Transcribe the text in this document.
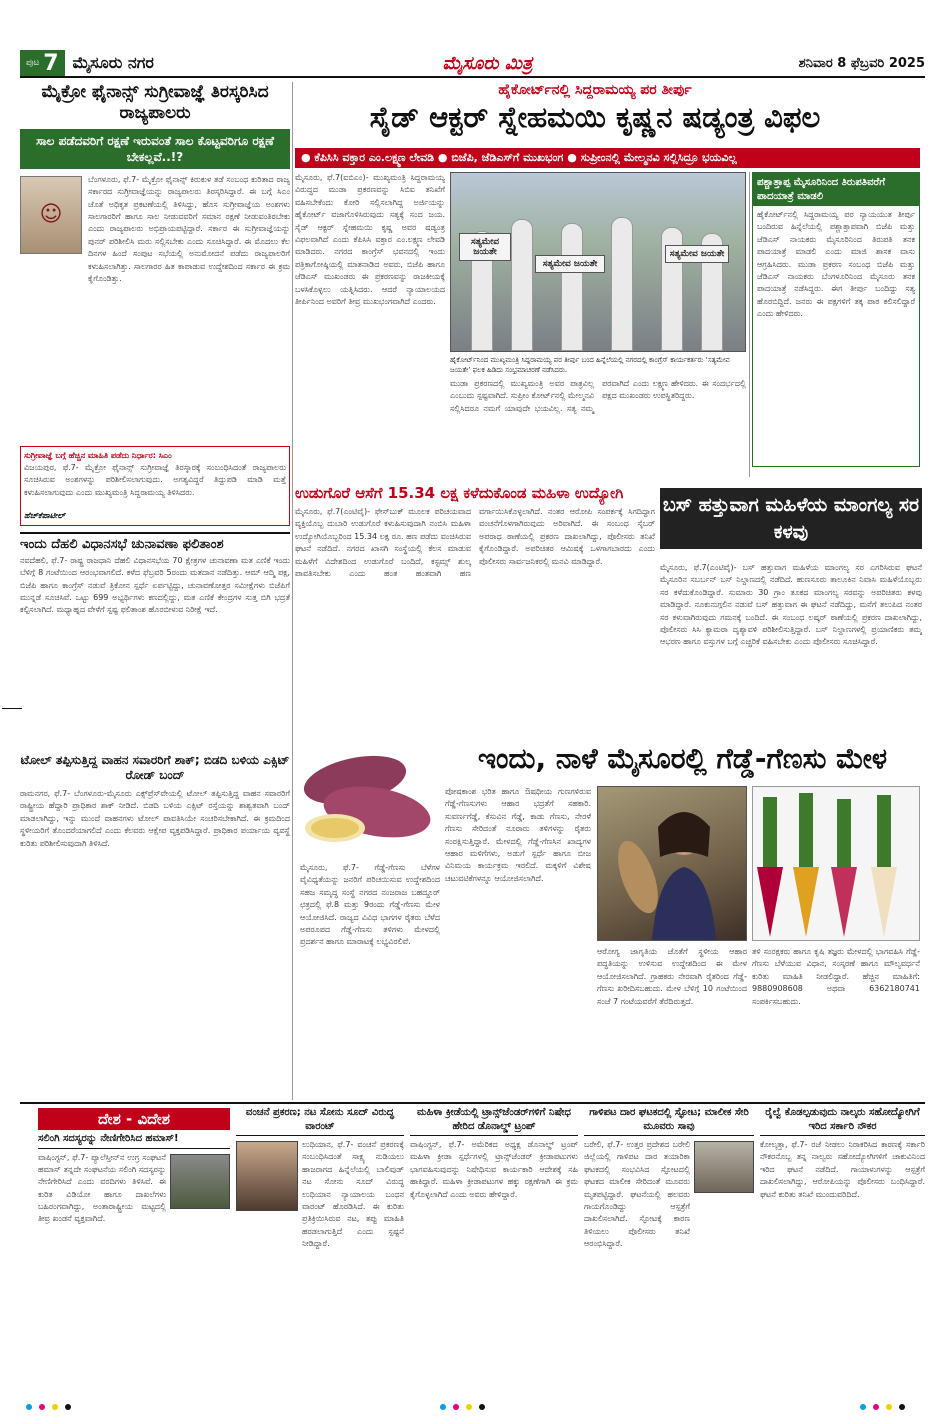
ಪುಟ 7 ಮೈಸೂರು ನಗರ	ಮೈಸೂರು ಮಿತ್ರ	ಶನಿವಾರ 8 ಫೆಬ್ರವರಿ 2025
ಮೈಕ್ರೋ ಫೈನಾನ್ಸ್ ಸುಗ್ರೀವಾಜ್ಞೆ ತಿರಸ್ಕರಿಸಿದ ರಾಜ್ಯಪಾಲರು
ಸಾಲ ಪಡೆದವರಿಗೆ ರಕ್ಷಣೆ ಇರುವಂತೆ ಸಾಲ ಕೊಟ್ಟವರಿಗೂ ರಕ್ಷಣೆ ಬೇಕಲ್ಲವೆ..!?
☺
ಬೆಂಗಳೂರು, ಫೆ.7- ಮೈಕ್ರೋ ಫೈನಾನ್ಸ್ ಕಿರುಕುಳ ತಡೆ ಸಂಬಂಧ ಕುರಿತಾದ ರಾಜ್ಯ ಸರ್ಕಾರದ ಸುಗ್ರೀವಾಜ್ಞೆಯನ್ನು ರಾಜ್ಯಪಾಲರು ತಿರಸ್ಕರಿಸಿದ್ದಾರೆ. ಈ ಬಗ್ಗೆ ಸಿಎಂ ಜೊತೆ ಅಧಿಕೃತ ಪ್ರಕಟಣೆಯಲ್ಲಿ ತಿಳಿಸಿದ್ದು, ಹೊಸ ಸುಗ್ರೀವಾಜ್ಞೆಯ ಅಂಶಗಳು ಸಾಲಗಾರರಿಗೆ ಹಾಗೂ ಸಾಲ ನೀಡುವವರಿಗೆ ಸಮಾನ ರಕ್ಷಣೆ ನೀಡುವಂತಿರಬೇಕು ಎಂದು ರಾಜ್ಯಪಾಲರು ಅಭಿಪ್ರಾಯಪಟ್ಟಿದ್ದಾರೆ. ಸರ್ಕಾರ ಈ ಸುಗ್ರೀವಾಜ್ಞೆಯನ್ನು ಪುನರ್ ಪರಿಶೀಲಿಸಿ ಮರು ಸಲ್ಲಿಸಬೇಕು ಎಂದು ಸೂಚಿಸಿದ್ದಾರೆ. ಈ ಮೊದಲು ಕೆಲ ದಿನಗಳ ಹಿಂದೆ ಸಂಪುಟ ಸಭೆಯಲ್ಲಿ ಅನುಮೋದನೆ ಪಡೆದು ರಾಜ್ಯಪಾಲರಿಗೆ ಕಳುಹಿಸಲಾಗಿತ್ತು. ಸಾಲಗಾರರ ಹಿತ ಕಾಪಾಡುವ ಉದ್ದೇಶದಿಂದ ಸರ್ಕಾರ ಈ ಕ್ರಮ ಕೈಗೊಂಡಿತ್ತು.
ಸುಗ್ರೀವಾಜ್ಞೆ ಬಗ್ಗೆ ಹೆಚ್ಚಿನ ಮಾಹಿತಿ ಪಡೆದು ನಿರ್ಧಾರ: ಸಿಎಂ
ವಿಜಯಪುರ, ಫೆ.7- ಮೈಕ್ರೋ ಫೈನಾನ್ಸ್ ಸುಗ್ರೀವಾಜ್ಞೆ ತಿರಸ್ಕಾರಕ್ಕೆ ಸಂಬಂಧಿಸಿದಂತೆ ರಾಜ್ಯಪಾಲರು ಸೂಚಿಸಿರುವ ಅಂಶಗಳನ್ನು ಪರಿಶೀಲಿಸಲಾಗುವುದು. ಅಗತ್ಯವಿದ್ದರೆ ತಿದ್ದುಪಡಿ ಮಾಡಿ ಮತ್ತೆ ಕಳುಹಿಸಲಾಗುವುದು ಎಂದು ಮುಖ್ಯಮಂತ್ರಿ ಸಿದ್ದರಾಮಯ್ಯ ತಿಳಿಸಿದರು.
ಹೆಚ್‌ಕೆಪಾಟೀಲ್
ಇಂದು ದೆಹಲಿ ವಿಧಾನಸಭೆ ಚುನಾವಣಾ ಫಲಿತಾಂಶ
ನವದೆಹಲಿ, ಫೆ.7- ರಾಷ್ಟ್ರ ರಾಜಧಾನಿ ದೆಹಲಿ ವಿಧಾನಸಭೆಯ 70 ಕ್ಷೇತ್ರಗಳ ಚುನಾವಣಾ ಮತ ಎಣಿಕೆ ಇಂದು ಬೆಳಿಗ್ಗೆ 8 ಗಂಟೆಯಿಂದ ಆರಂಭವಾಗಲಿದೆ. ಕಳೆದ ಫೆಬ್ರವರಿ 5ರಂದು ಮತದಾನ ನಡೆದಿತ್ತು. ಆಮ್ ಆದ್ಮಿ ಪಕ್ಷ, ಬಿಜೆಪಿ ಹಾಗೂ ಕಾಂಗ್ರೆಸ್ ನಡುವೆ ತ್ರಿಕೋನ ಸ್ಪರ್ಧೆ ಏರ್ಪಟ್ಟಿದ್ದು, ಚುನಾವಣೋತ್ತರ ಸಮೀಕ್ಷೆಗಳು ಬಿಜೆಪಿಗೆ ಮುನ್ನಡೆ ಸೂಚಿಸಿವೆ. ಒಟ್ಟು 699 ಅಭ್ಯರ್ಥಿಗಳು ಕಣದಲ್ಲಿದ್ದು, ಮತ ಎಣಿಕೆ ಕೇಂದ್ರಗಳ ಸುತ್ತ ಬಿಗಿ ಭದ್ರತೆ ಕಲ್ಪಿಸಲಾಗಿದೆ. ಮಧ್ಯಾಹ್ನದ ವೇಳೆಗೆ ಸ್ಪಷ್ಟ ಫಲಿತಾಂಶ ಹೊರಬೀಳುವ ನಿರೀಕ್ಷೆ ಇದೆ.
ಟೋಲ್ ತಪ್ಪಿಸುತ್ತಿದ್ದ ವಾಹನ ಸವಾರರಿಗೆ ಶಾಕ್; ಬಿಡದಿ ಬಳಿಯ ಎಕ್ಸಿಟ್ ರೋಡ್ ಬಂದ್
ರಾಮನಗರ, ಫೆ.7- ಬೆಂಗಳೂರು-ಮೈಸೂರು ಎಕ್ಸ್‌ಪ್ರೆಸ್‌ವೇಯಲ್ಲಿ ಟೋಲ್ ತಪ್ಪಿಸುತ್ತಿದ್ದ ವಾಹನ ಸವಾರರಿಗೆ ರಾಷ್ಟ್ರೀಯ ಹೆದ್ದಾರಿ ಪ್ರಾಧಿಕಾರ ಶಾಕ್ ನೀಡಿದೆ. ಬಿಡದಿ ಬಳಿಯ ಎಕ್ಸಿಟ್ ರಸ್ತೆಯನ್ನು ಶಾಶ್ವತವಾಗಿ ಬಂದ್ ಮಾಡಲಾಗಿದ್ದು, ಇನ್ನು ಮುಂದೆ ವಾಹನಗಳು ಟೋಲ್ ಪಾವತಿಸಿಯೇ ಸಂಚರಿಸಬೇಕಾಗಿದೆ. ಈ ಕ್ರಮದಿಂದ ಸ್ಥಳೀಯರಿಗೆ ತೊಂದರೆಯಾಗಲಿದೆ ಎಂದು ಕೆಲವರು ಆಕ್ಷೇಪ ವ್ಯಕ್ತಪಡಿಸಿದ್ದಾರೆ. ಪ್ರಾಧಿಕಾರ ಪರ್ಯಾಯ ವ್ಯವಸ್ಥೆ ಕುರಿತು ಪರಿಶೀಲಿಸುವುದಾಗಿ ತಿಳಿಸಿದೆ.
ಹೈಕೋರ್ಟ್‌ನಲ್ಲಿ ಸಿದ್ದರಾಮಯ್ಯ ಪರ ತೀರ್ಪು
ಸೈಡ್ ಆಕ್ಟರ್ ಸ್ನೇಹಮಯಿ ಕೃಷ್ಣನ ಷಡ್ಯಂತ್ರ ವಿಫಲ
● ಕೆಪಿಸಿಸಿ ವಕ್ತಾರ ಎಂ.ಲಕ್ಷ್ಮಣ ಲೇವಡಿ ● ಬಿಜೆಪಿ, ಜೆಡಿಎಸ್‌ಗೆ ಮುಖಭಂಗ ● ಸುಪ್ರೀಂನಲ್ಲಿ ಮೇಲ್ಮನವಿ ಸಲ್ಲಿಸಿದ್ರೂ ಭಯವಿಲ್ಲ
ಮೈಸೂರು, ಫೆ.7(ಐಬಿಎಂ)- ಮುಖ್ಯಮಂತ್ರಿ ಸಿದ್ದರಾಮಯ್ಯ ವಿರುದ್ಧದ ಮುಡಾ ಪ್ರಕರಣವನ್ನು ಸಿಬಿಐ ತನಿಖೆಗೆ ವಹಿಸಬೇಕೆಂದು ಕೋರಿ ಸಲ್ಲಿಸಲಾಗಿದ್ದ ಅರ್ಜಿಯನ್ನು ಹೈಕೋರ್ಟ್ ವಜಾಗೊಳಿಸಿರುವುದು ಸತ್ಯಕ್ಕೆ ಸಂದ ಜಯ. ಸೈಡ್ ಆಕ್ಟರ್ ಸ್ನೇಹಮಯಿ ಕೃಷ್ಣ ಅವರ ಷಡ್ಯಂತ್ರ ವಿಫಲವಾಗಿದೆ ಎಂದು ಕೆಪಿಸಿಸಿ ವಕ್ತಾರ ಎಂ.ಲಕ್ಷ್ಮಣ ಲೇವಡಿ ಮಾಡಿದರು. ನಗರದ ಕಾಂಗ್ರೆಸ್ ಭವನದಲ್ಲಿ ಇಂದು ಪತ್ರಿಕಾಗೋಷ್ಠಿಯಲ್ಲಿ ಮಾತನಾಡಿದ ಅವರು, ಬಿಜೆಪಿ ಹಾಗೂ ಜೆಡಿಎಸ್ ಮುಖಂಡರು ಈ ಪ್ರಕರಣವನ್ನು ರಾಜಕೀಯಕ್ಕೆ ಬಳಸಿಕೊಳ್ಳಲು ಯತ್ನಿಸಿದರು. ಆದರೆ ನ್ಯಾಯಾಲಯದ ತೀರ್ಪಿನಿಂದ ಅವರಿಗೆ ತೀವ್ರ ಮುಖಭಂಗವಾಗಿದೆ ಎಂದರು.
ಸತ್ಯಮೇವ ಜಯತೇ
ಸತ್ಯಮೇವ ಜಯತೇ
ಸತ್ಯಮೇವ ಜಯತೇ
ಹೈಕೋರ್ಟ್‌ನಿಂದ ಮುಖ್ಯಮಂತ್ರಿ ಸಿದ್ದರಾಮಯ್ಯ ಪರ ತೀರ್ಪು ಬಂದ ಹಿನ್ನೆಲೆಯಲ್ಲಿ ನಗರದಲ್ಲಿ ಕಾಂಗ್ರೆಸ್ ಕಾರ್ಯಕರ್ತರು ‘ಸತ್ಯಮೇವ ಜಯತೇ’ ಫಲಕ ಹಿಡಿದು ಸಂಭ್ರಮಾಚರಣೆ ನಡೆಸಿದರು.
ಮುಡಾ ಪ್ರಕರಣದಲ್ಲಿ ಮುಖ್ಯಮಂತ್ರಿ ಅವರ ಪಾತ್ರವಿಲ್ಲ ಎಂಬುದು ಸ್ಪಷ್ಟವಾಗಿದೆ. ಸುಪ್ರೀಂ ಕೋರ್ಟ್‌ನಲ್ಲಿ ಮೇಲ್ಮನವಿ ಸಲ್ಲಿಸಿದರೂ ನಮಗೆ ಯಾವುದೇ ಭಯವಿಲ್ಲ. ಸತ್ಯ ನಮ್ಮ ಪರವಾಗಿದೆ ಎಂದು ಲಕ್ಷ್ಮಣ ಹೇಳಿದರು. ಈ ಸಂದರ್ಭದಲ್ಲಿ ಪಕ್ಷದ ಮುಖಂಡರು ಉಪಸ್ಥಿತರಿದ್ದರು.
ಪಶ್ಚಾತ್ತಾಪ್ಪ ಮೈಸೂರಿನಿಂದ ತಿರುಪತಿವರೆಗೆ ಪಾದಯಾತ್ರೆ ಮಾಡಲಿ
ಹೈಕೋರ್ಟ್‌ನಲ್ಲಿ ಸಿದ್ದರಾಮಯ್ಯ ಪರ ನ್ಯಾಯಯುತ ತೀರ್ಪು ಬಂದಿರುವ ಹಿನ್ನೆಲೆಯಲ್ಲಿ ಪಶ್ಚಾತ್ತಾಪವಾಗಿ ಬಿಜೆಪಿ ಮತ್ತು ಜೆಡಿಎಸ್ ನಾಯಕರು ಮೈಸೂರಿನಿಂದ ತಿರುಪತಿ ತನಕ ಪಾದಯಾತ್ರೆ ಮಾಡಲಿ ಎಂದು ಮಾಜಿ ಶಾಸಕ ವಾಸು ಆಗ್ರಹಿಸಿದರು. ಮುಡಾ ಪ್ರಕರಣ ಸಂಬಂಧ ಬಿಜೆಪಿ ಮತ್ತು ಜೆಡಿಎಸ್ ನಾಯಕರು ಬೆಂಗಳೂರಿನಿಂದ ಮೈಸೂರು ತನಕ ಪಾದಯಾತ್ರೆ ನಡೆಸಿದ್ದರು. ಈಗ ತೀರ್ಪು ಬಂದಿದ್ದು ಸತ್ಯ ಹೊರಬಿದ್ದಿದೆ. ಜನರು ಈ ಪಕ್ಷಗಳಿಗೆ ತಕ್ಕ ಪಾಠ ಕಲಿಸಲಿದ್ದಾರೆ ಎಂದು ಹೇಳಿದರು.
ಉಡುಗೊರೆ ಆಸೆಗೆ 15.34 ಲಕ್ಷ ಕಳೆದುಕೊಂಡ ಮಹಿಳಾ ಉದ್ಯೋಗಿ
ಮೈಸೂರು, ಫೆ.7(ಎಂಟಿವೈ)- ಫೇಸ್‌ಬುಕ್ ಮೂಲಕ ಪರಿಚಯವಾದ ವ್ಯಕ್ತಿಯೊಬ್ಬ ದುಬಾರಿ ಉಡುಗೊರೆ ಕಳುಹಿಸುವುದಾಗಿ ನಂಬಿಸಿ ಮಹಿಳಾ ಉದ್ಯೋಗಿಯೊಬ್ಬರಿಂದ 15.34 ಲಕ್ಷ ರೂ. ಹಣ ಪಡೆದು ವಂಚಿಸಿರುವ ಘಟನೆ ನಡೆದಿದೆ. ನಗರದ ಖಾಸಗಿ ಸಂಸ್ಥೆಯಲ್ಲಿ ಕೆಲಸ ಮಾಡುವ ಮಹಿಳೆಗೆ ವಿದೇಶದಿಂದ ಉಡುಗೊರೆ ಬಂದಿದೆ, ಕಸ್ಟಮ್ಸ್ ಶುಲ್ಕ ಪಾವತಿಸಬೇಕು ಎಂದು ಹಂತ ಹಂತವಾಗಿ ಹಣ ವರ್ಗಾಯಿಸಿಕೊಳ್ಳಲಾಗಿದೆ. ನಂತರ ಆರೋಪಿ ಸಂಪರ್ಕಕ್ಕೆ ಸಿಗದಿದ್ದಾಗ ವಂಚನೆಗೊಳಗಾಗಿರುವುದು ಅರಿವಾಗಿದೆ. ಈ ಸಂಬಂಧ ಸೈಬರ್ ಅಪರಾಧ ಠಾಣೆಯಲ್ಲಿ ಪ್ರಕರಣ ದಾಖಲಾಗಿದ್ದು, ಪೊಲೀಸರು ತನಿಖೆ ಕೈಗೊಂಡಿದ್ದಾರೆ. ಅಪರಿಚಿತರ ಆಮಿಷಕ್ಕೆ ಒಳಗಾಗಬಾರದು ಎಂದು ಪೊಲೀಸರು ಸಾರ್ವಜನಿಕರಲ್ಲಿ ಮನವಿ ಮಾಡಿದ್ದಾರೆ.
ಬಸ್ ಹತ್ತುವಾಗ ಮಹಿಳೆಯ ಮಾಂಗಲ್ಯ ಸರ ಕಳವು
ಮೈಸೂರು, ಫೆ.7(ಎಂಟಿವೈ)- ಬಸ್ ಹತ್ತುವಾಗ ಮಹಿಳೆಯ ಮಾಂಗಲ್ಯ ಸರ ಎಗರಿಸಿರುವ ಘಟನೆ ಮೈಸೂರಿನ ಸಬರ್ಬನ್ ಬಸ್ ನಿಲ್ದಾಣದಲ್ಲಿ ನಡೆದಿದೆ. ಹುಣಸೂರು ತಾಲೂಕಿನ ನಿವಾಸಿ ಮಹಿಳೆಯೊಬ್ಬರು ಸರ ಕಳೆದುಕೊಂಡಿದ್ದಾರೆ. ಸುಮಾರು 30 ಗ್ರಾಂ ತೂಕದ ಮಾಂಗಲ್ಯ ಸರವನ್ನು ಅಪರಿಚಿತರು ಕಳವು ಮಾಡಿದ್ದಾರೆ. ನೂಕುನುಗ್ಗಲಿನ ನಡುವೆ ಬಸ್ ಹತ್ತುವಾಗ ಈ ಘಟನೆ ನಡೆದಿದ್ದು, ಮನೆಗೆ ತಲುಪಿದ ನಂತರ ಸರ ಕಳುವಾಗಿರುವುದು ಗಮನಕ್ಕೆ ಬಂದಿದೆ. ಈ ಸಂಬಂಧ ಲಷ್ಕರ್ ಠಾಣೆಯಲ್ಲಿ ಪ್ರಕರಣ ದಾಖಲಾಗಿದ್ದು, ಪೊಲೀಸರು ಸಿಸಿ ಕ್ಯಾಮರಾ ದೃಶ್ಯಾವಳಿ ಪರಿಶೀಲಿಸುತ್ತಿದ್ದಾರೆ. ಬಸ್ ನಿಲ್ದಾಣಗಳಲ್ಲಿ ಪ್ರಯಾಣಿಕರು ತಮ್ಮ ಆಭರಣ ಹಾಗೂ ವಸ್ತುಗಳ ಬಗ್ಗೆ ಎಚ್ಚರಿಕೆ ವಹಿಸಬೇಕು ಎಂದು ಪೊಲೀಸರು ಸೂಚಿಸಿದ್ದಾರೆ.
ಇಂದು, ನಾಳೆ ಮೈಸೂರಲ್ಲಿ ಗೆಡ್ಡೆ-ಗೆಣಸು ಮೇಳ
ಮೈಸೂರು, ಫೆ.7- ಗೆಡ್ಡೆ-ಗೆಣಸು ಬೆಳೆಗಳ ವೈವಿಧ್ಯತೆಯನ್ನು ಜನರಿಗೆ ಪರಿಚಯಿಸುವ ಉದ್ದೇಶದಿಂದ ಸಹಜ ಸಮೃದ್ಧ ಸಂಸ್ಥೆ ನಗರದ ನಂಜರಾಜ ಬಹದ್ದೂರ್ ಛತ್ರದಲ್ಲಿ ಫೆ.8 ಮತ್ತು 9ರಂದು ಗೆಡ್ಡೆ-ಗೆಣಸು ಮೇಳ ಆಯೋಜಿಸಿದೆ. ರಾಜ್ಯದ ವಿವಿಧ ಭಾಗಗಳ ರೈತರು ಬೆಳೆದ ಅಪರೂಪದ ಗೆಡ್ಡೆ-ಗೆಣಸು ತಳಿಗಳು ಮೇಳದಲ್ಲಿ ಪ್ರದರ್ಶನ ಹಾಗೂ ಮಾರಾಟಕ್ಕೆ ಲಭ್ಯವಿರಲಿವೆ.
ಪೋಷಕಾಂಶ ಭರಿತ ಹಾಗೂ ಔಷಧೀಯ ಗುಣಗಳಿರುವ ಗೆಡ್ಡೆ-ಗೆಣಸುಗಳು ಆಹಾರ ಭದ್ರತೆಗೆ ಸಹಕಾರಿ. ಸುವರ್ಣಗೆಡ್ಡೆ, ಕೆಸುವಿನ ಗೆಡ್ಡೆ, ಕಾಡು ಗೆಣಸು, ನೇರಳೆ ಗೆಣಸು ಸೇರಿದಂತೆ ನೂರಾರು ತಳಿಗಳನ್ನು ರೈತರು ಸಂರಕ್ಷಿಸುತ್ತಿದ್ದಾರೆ. ಮೇಳದಲ್ಲಿ ಗೆಡ್ಡೆ-ಗೆಣಸಿನ ಖಾದ್ಯಗಳ ಆಹಾರ ಮಳಿಗೆಗಳು, ಅಡುಗೆ ಸ್ಪರ್ಧೆ ಹಾಗೂ ಬೀಜ ವಿನಿಮಯ ಕಾರ್ಯಕ್ರಮ ಇರಲಿದೆ. ಮಕ್ಕಳಿಗೆ ವಿಶೇಷ ಚಟುವಟಿಕೆಗಳನ್ನೂ ಆಯೋಜಿಸಲಾಗಿದೆ.
ಆರೋಗ್ಯ ಜಾಗೃತಿಯ ಜೊತೆಗೆ ಸ್ಥಳೀಯ ಆಹಾರ ಪದ್ಧತಿಯನ್ನು ಉಳಿಸುವ ಉದ್ದೇಶದಿಂದ ಈ ಮೇಳ ಆಯೋಜಿಸಲಾಗಿದೆ. ಗ್ರಾಹಕರು ನೇರವಾಗಿ ರೈತರಿಂದ ಗೆಡ್ಡೆ-ಗೆಣಸು ಖರೀದಿಸಬಹುದು. ಮೇಳ ಬೆಳಿಗ್ಗೆ 10 ಗಂಟೆಯಿಂದ ಸಂಜೆ 7 ಗಂಟೆಯವರೆಗೆ ತೆರೆದಿರುತ್ತದೆ.
ತಳಿ ಸಂರಕ್ಷಕರು ಹಾಗೂ ಕೃಷಿ ತಜ್ಞರು ಮೇಳದಲ್ಲಿ ಭಾಗವಹಿಸಿ ಗೆಡ್ಡೆ-ಗೆಣಸು ಬೆಳೆಯುವ ವಿಧಾನ, ಸಂಸ್ಕರಣೆ ಹಾಗೂ ಮೌಲ್ಯವರ್ಧನೆ ಕುರಿತು ಮಾಹಿತಿ ನೀಡಲಿದ್ದಾರೆ. ಹೆಚ್ಚಿನ ಮಾಹಿತಿಗೆ: 9880908608 ಅಥವಾ 6362180741 ಸಂಪರ್ಕಿಸಬಹುದು.
ದೇಶ - ವಿದೇಶ
ಸಲಿಂಗಿ ಸದಸ್ಯರನ್ನು ನೇಣಿಗೇರಿಸಿದ ಹಮಾಸ್!
ವಾಷಿಂಗ್ಟನ್, ಫೆ.7- ಪ್ಯಾಲೆಸ್ತೀನ್‌ನ ಉಗ್ರ ಸಂಘಟನೆ ಹಮಾಸ್ ತನ್ನದೇ ಸಂಘಟನೆಯ ಸಲಿಂಗಿ ಸದಸ್ಯರನ್ನು ನೇಣಿಗೇರಿಸಿದೆ ಎಂದು ವರದಿಗಳು ತಿಳಿಸಿವೆ. ಈ ಕುರಿತ ವಿಡಿಯೋ ಹಾಗೂ ದಾಖಲೆಗಳು ಬಹಿರಂಗವಾಗಿದ್ದು, ಅಂತಾರಾಷ್ಟ್ರೀಯ ಮಟ್ಟದಲ್ಲಿ ತೀವ್ರ ಖಂಡನೆ ವ್ಯಕ್ತವಾಗಿದೆ.
ವಂಚನೆ ಪ್ರಕರಣ; ನಟ ಸೋನು ಸೂದ್ ವಿರುದ್ಧ ವಾರಂಟ್
ಲುಧಿಯಾನ, ಫೆ.7- ವಂಚನೆ ಪ್ರಕರಣಕ್ಕೆ ಸಂಬಂಧಿಸಿದಂತೆ ಸಾಕ್ಷ್ಯ ನುಡಿಯಲು ಹಾಜರಾಗದ ಹಿನ್ನೆಲೆಯಲ್ಲಿ ಬಾಲಿವುಡ್ ನಟ ಸೋನು ಸೂದ್ ವಿರುದ್ಧ ಲುಧಿಯಾನ ನ್ಯಾಯಾಲಯ ಬಂಧನ ವಾರಂಟ್ ಹೊರಡಿಸಿದೆ. ಈ ಕುರಿತು ಪ್ರತಿಕ್ರಿಯಿಸಿರುವ ನಟ, ತಪ್ಪು ಮಾಹಿತಿ ಹರಡಲಾಗುತ್ತಿದೆ ಎಂದು ಸ್ಪಷ್ಟನೆ ನೀಡಿದ್ದಾರೆ.
ಮಹಿಳಾ ಕ್ರೀಡೆಯಲ್ಲಿ ಟ್ರಾನ್ಸ್‌ಜೆಂಡರ್‌ಗಳಿಗೆ ನಿಷೇಧ ಹೇರಿದ ಡೊನಾಲ್ಡ್ ಟ್ರಂಪ್
ವಾಷಿಂಗ್ಟನ್, ಫೆ.7- ಅಮೆರಿಕದ ಅಧ್ಯಕ್ಷ ಡೊನಾಲ್ಡ್ ಟ್ರಂಪ್ ಮಹಿಳಾ ಕ್ರೀಡಾ ಸ್ಪರ್ಧೆಗಳಲ್ಲಿ ಟ್ರಾನ್ಸ್‌ಜೆಂಡರ್ ಕ್ರೀಡಾಪಟುಗಳು ಭಾಗವಹಿಸುವುದನ್ನು ನಿಷೇಧಿಸುವ ಕಾರ್ಯಕಾರಿ ಆದೇಶಕ್ಕೆ ಸಹಿ ಹಾಕಿದ್ದಾರೆ. ಮಹಿಳಾ ಕ್ರೀಡಾಪಟುಗಳ ಹಕ್ಕು ರಕ್ಷಣೆಗಾಗಿ ಈ ಕ್ರಮ ಕೈಗೊಳ್ಳಲಾಗಿದೆ ಎಂದು ಅವರು ಹೇಳಿದ್ದಾರೆ.
ಗಾಳಿಪಟ ದಾರ ಘಟಕದಲ್ಲಿ ಸ್ಫೋಟ; ಮಾಲೀಕ ಸೇರಿ ಮೂವರು ಸಾವು
ಬರೇಲಿ, ಫೆ.7- ಉತ್ತರ ಪ್ರದೇಶದ ಬರೇಲಿ ಜಿಲ್ಲೆಯಲ್ಲಿ ಗಾಳಿಪಟ ದಾರ ತಯಾರಿಕಾ ಘಟಕದಲ್ಲಿ ಸಂಭವಿಸಿದ ಸ್ಫೋಟದಲ್ಲಿ ಘಟಕದ ಮಾಲೀಕ ಸೇರಿದಂತೆ ಮೂವರು ಮೃತಪಟ್ಟಿದ್ದಾರೆ. ಘಟನೆಯಲ್ಲಿ ಹಲವರು ಗಾಯಗೊಂಡಿದ್ದು ಆಸ್ಪತ್ರೆಗೆ ದಾಖಲಿಸಲಾಗಿದೆ. ಸ್ಫೋಟಕ್ಕೆ ಕಾರಣ ತಿಳಿಯಲು ಪೊಲೀಸರು ತನಿಖೆ ಆರಂಭಿಸಿದ್ದಾರೆ.
ರೈಲ್ವೆ ಕೊಡಲ್ಪಡುವುದು ನಾಲ್ಕರು ಸಹೋದ್ಯೋಗಿಗೆ ಇರಿದ ಸರ್ಕಾರಿ ನೌಕರ
ಕೋಲ್ಕತ್ತಾ, ಫೆ.7- ರಜೆ ನೀಡಲು ನಿರಾಕರಿಸಿದ ಕಾರಣಕ್ಕೆ ಸರ್ಕಾರಿ ನೌಕರನೊಬ್ಬ ತನ್ನ ನಾಲ್ವರು ಸಹೋದ್ಯೋಗಿಗಳಿಗೆ ಚಾಕುವಿನಿಂದ ಇರಿದ ಘಟನೆ ನಡೆದಿದೆ. ಗಾಯಾಳುಗಳನ್ನು ಆಸ್ಪತ್ರೆಗೆ ದಾಖಲಿಸಲಾಗಿದ್ದು, ಆರೋಪಿಯನ್ನು ಪೊಲೀಸರು ಬಂಧಿಸಿದ್ದಾರೆ. ಘಟನೆ ಕುರಿತು ತನಿಖೆ ಮುಂದುವರಿದಿದೆ.
